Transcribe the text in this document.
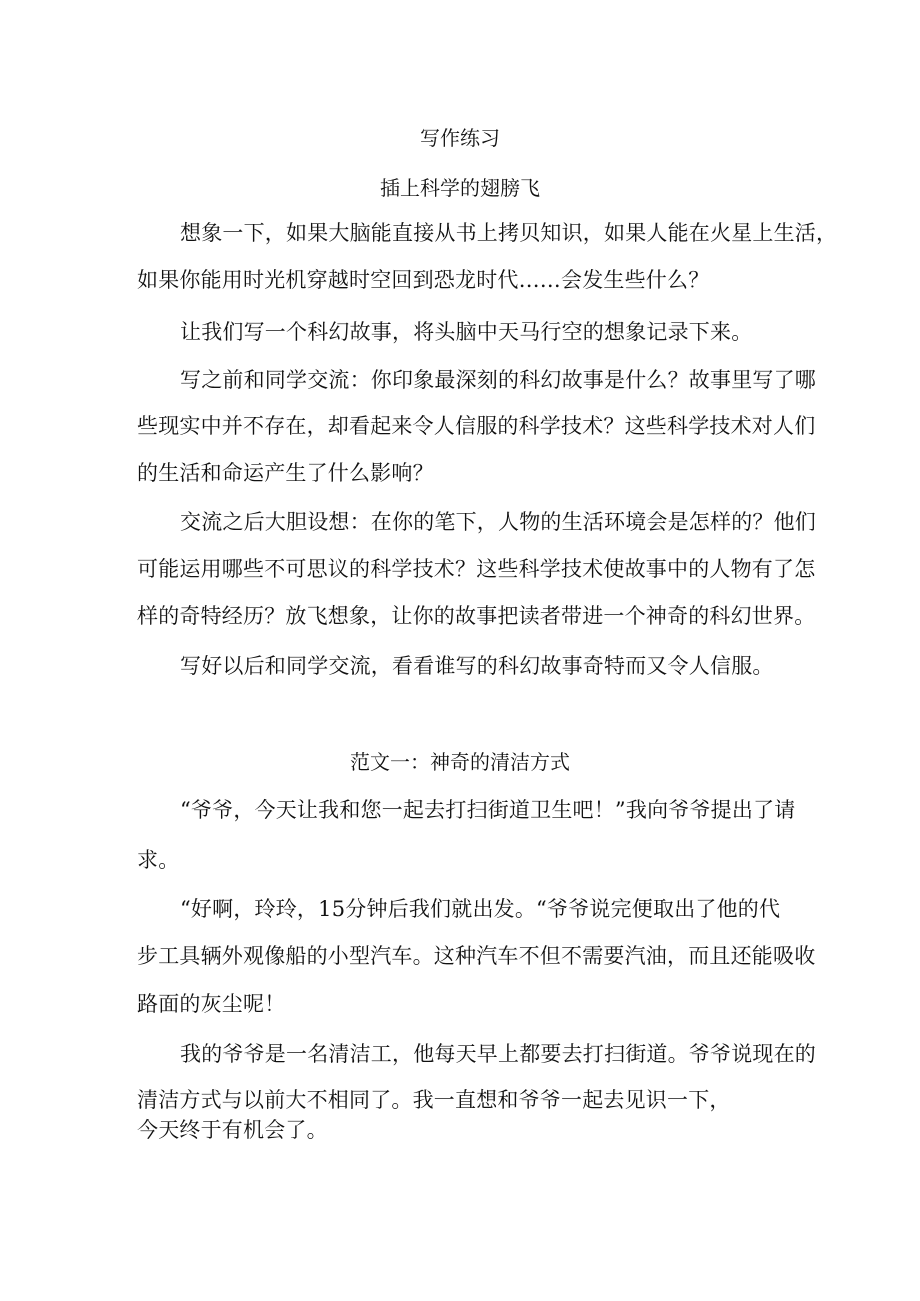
写作练习
插上科学的翅膀飞
想象一下，如果大脑能直接从书上拷贝知识，如果人能在火星上生活，
如果你能用时光机穿越时空回到恐龙时代……会发生些什么？
让我们写一个科幻故事，将头脑中天马行空的想象记录下来。
写之前和同学交流：你印象最深刻的科幻故事是什么？故事里写了哪
些现实中并不存在，却看起来令人信服的科学技术？这些科学技术对人们
的生活和命运产生了什么影响？
交流之后大胆设想：在你的笔下，人物的生活环境会是怎样的？他们
可能运用哪些不可思议的科学技术？这些科学技术使故事中的人物有了怎
样的奇特经历？放飞想象，让你的故事把读者带进一个神奇的科幻世界。
写好以后和同学交流，看看谁写的科幻故事奇特而又令人信服。
范文一：神奇的清洁方式
“爷爷，今天让我和您一起去打扫街道卫生吧！”我向爷爷提出了请
求。
“好啊，玲玲，15分钟后我们就出发。“爷爷说完便取出了他的代
步工具辆外观像船的小型汽车。这种汽车不但不需要汽油，而且还能吸收
路面的灰尘呢！
我的爷爷是一名清洁工，他每天早上都要去打扫街道。爷爷说现在的
清洁方式与以前大不相同了。我一直想和爷爷一起去见识一下，
今天终于有机会了。
